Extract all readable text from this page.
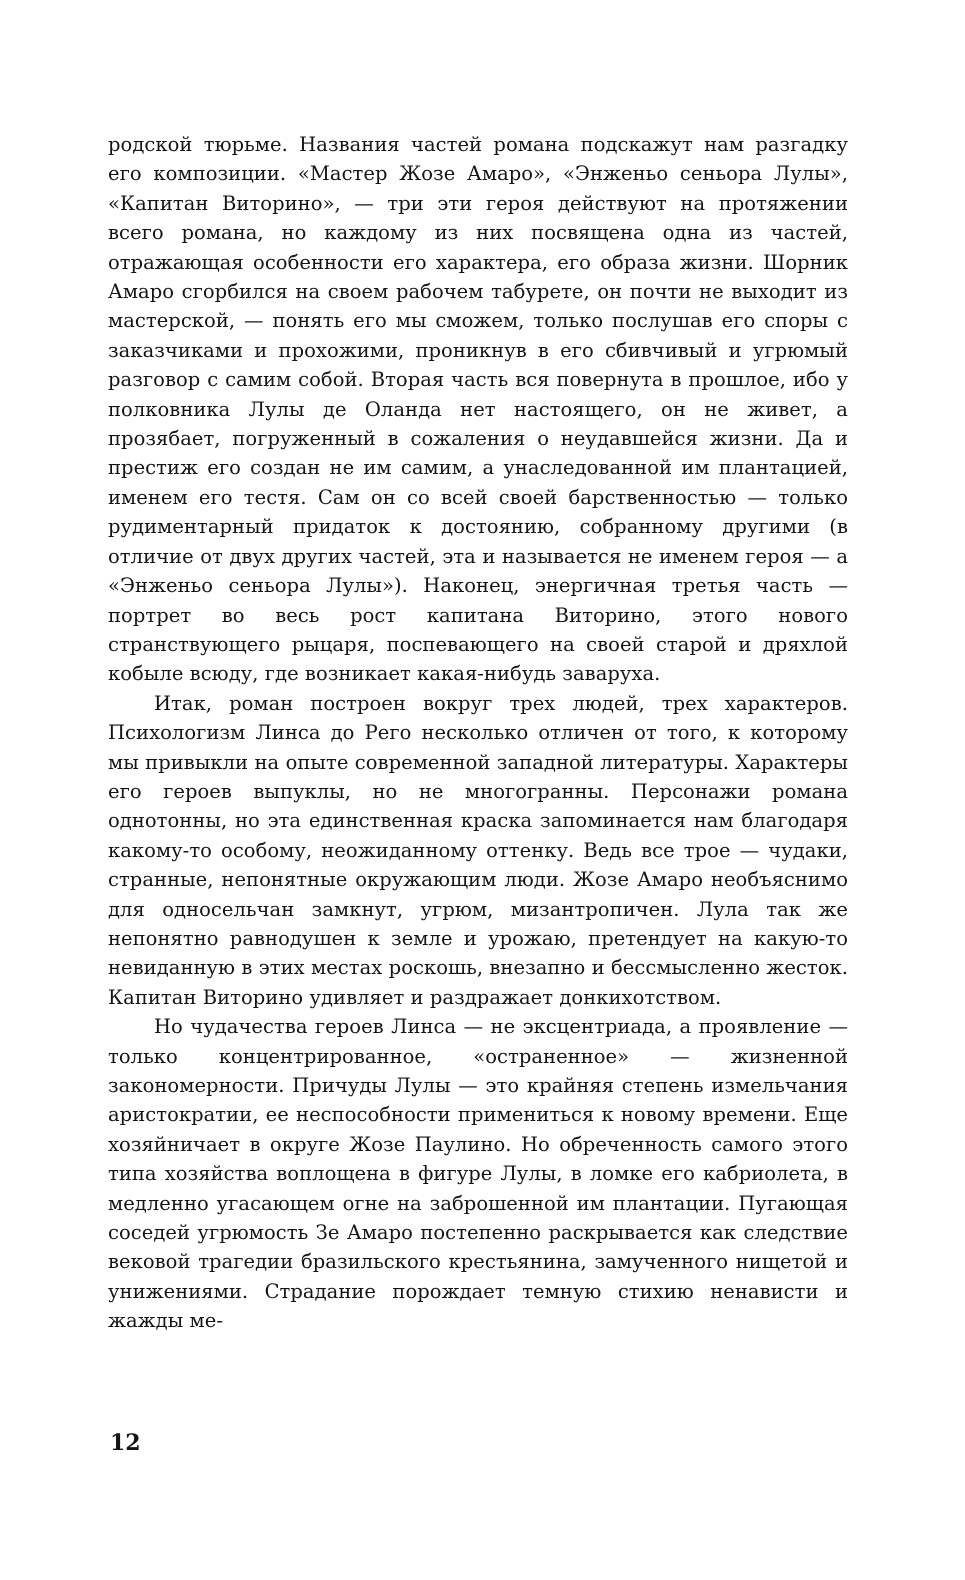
родской тюрьме. Названия частей романа подскажут нам разгадку его композиции. «Мастер Жозе Амаро», «Энженьо сеньора Лулы», «Капитан Виторино», — три эти героя действуют на протяжении всего романа, но каждому из них посвящена одна из частей, отражающая особенности его характера, его образа жизни. Шорник Амаро сгорбился на своем рабочем табурете, он почти не выходит из мастерской, — понять его мы сможем, только послушав его споры с заказчиками и прохожими, проникнув в его сбивчивый и угрюмый разговор с самим собой. Вторая часть вся повернута в прошлое, ибо у полковника Лулы де Оланда нет настоящего, он не живет, а прозябает, погруженный в сожаления о неудавшейся жизни. Да и престиж его создан не им самим, а унаследованной им плантацией, именем его тестя. Сам он со всей своей барственностью — только рудиментарный придаток к достоянию, собранному другими (в отличие от двух других частей, эта и называется не именем героя — а «Энженьо сеньора Лулы»). Наконец, энергичная третья часть — портрет во весь рост капитана Виторино, этого нового странствующего рыцаря, поспевающего на своей старой и дряхлой кобыле всюду, где возникает какая-нибудь заваруха.

Итак, роман построен вокруг трех людей, трех характеров. Психологизм Линса до Рего несколько отличен от того, к которому мы привыкли на опыте современной западной литературы. Характеры его героев выпуклы, но не многогранны. Персонажи романа однотонны, но эта единственная краска запоминается нам благодаря какому-то особому, неожиданному оттенку. Ведь все трое — чудаки, странные, непонятные окружающим люди. Жозе Амаро необъяснимо для односельчан замкнут, угрюм, мизантропичен. Лула так же непонятно равнодушен к земле и урожаю, претендует на какую-то невиданную в этих местах роскошь, внезапно и бессмысленно жесток. Капитан Виторино удивляет и раздражает донкихотством.

Но чудачества героев Линса — не эксцентриада, а проявление — только концентрированное, «остраненное» — жизненной закономерности. Причуды Лулы — это крайняя степень измельчания аристократии, ее неспособности примениться к новому времени. Еще хозяйничает в округе Жозе Паулино. Но обреченность самого этого типа хозяйства воплощена в фигуре Лулы, в ломке его кабриолета, в медленно угасающем огне на заброшенной им плантации. Пугающая соседей угрюмость Зе Амаро постепенно раскрывается как следствие вековой трагедии бразильского крестьянина, замученного нищетой и унижениями. Страдание порождает темную стихию ненависти и жажды ме-

12
